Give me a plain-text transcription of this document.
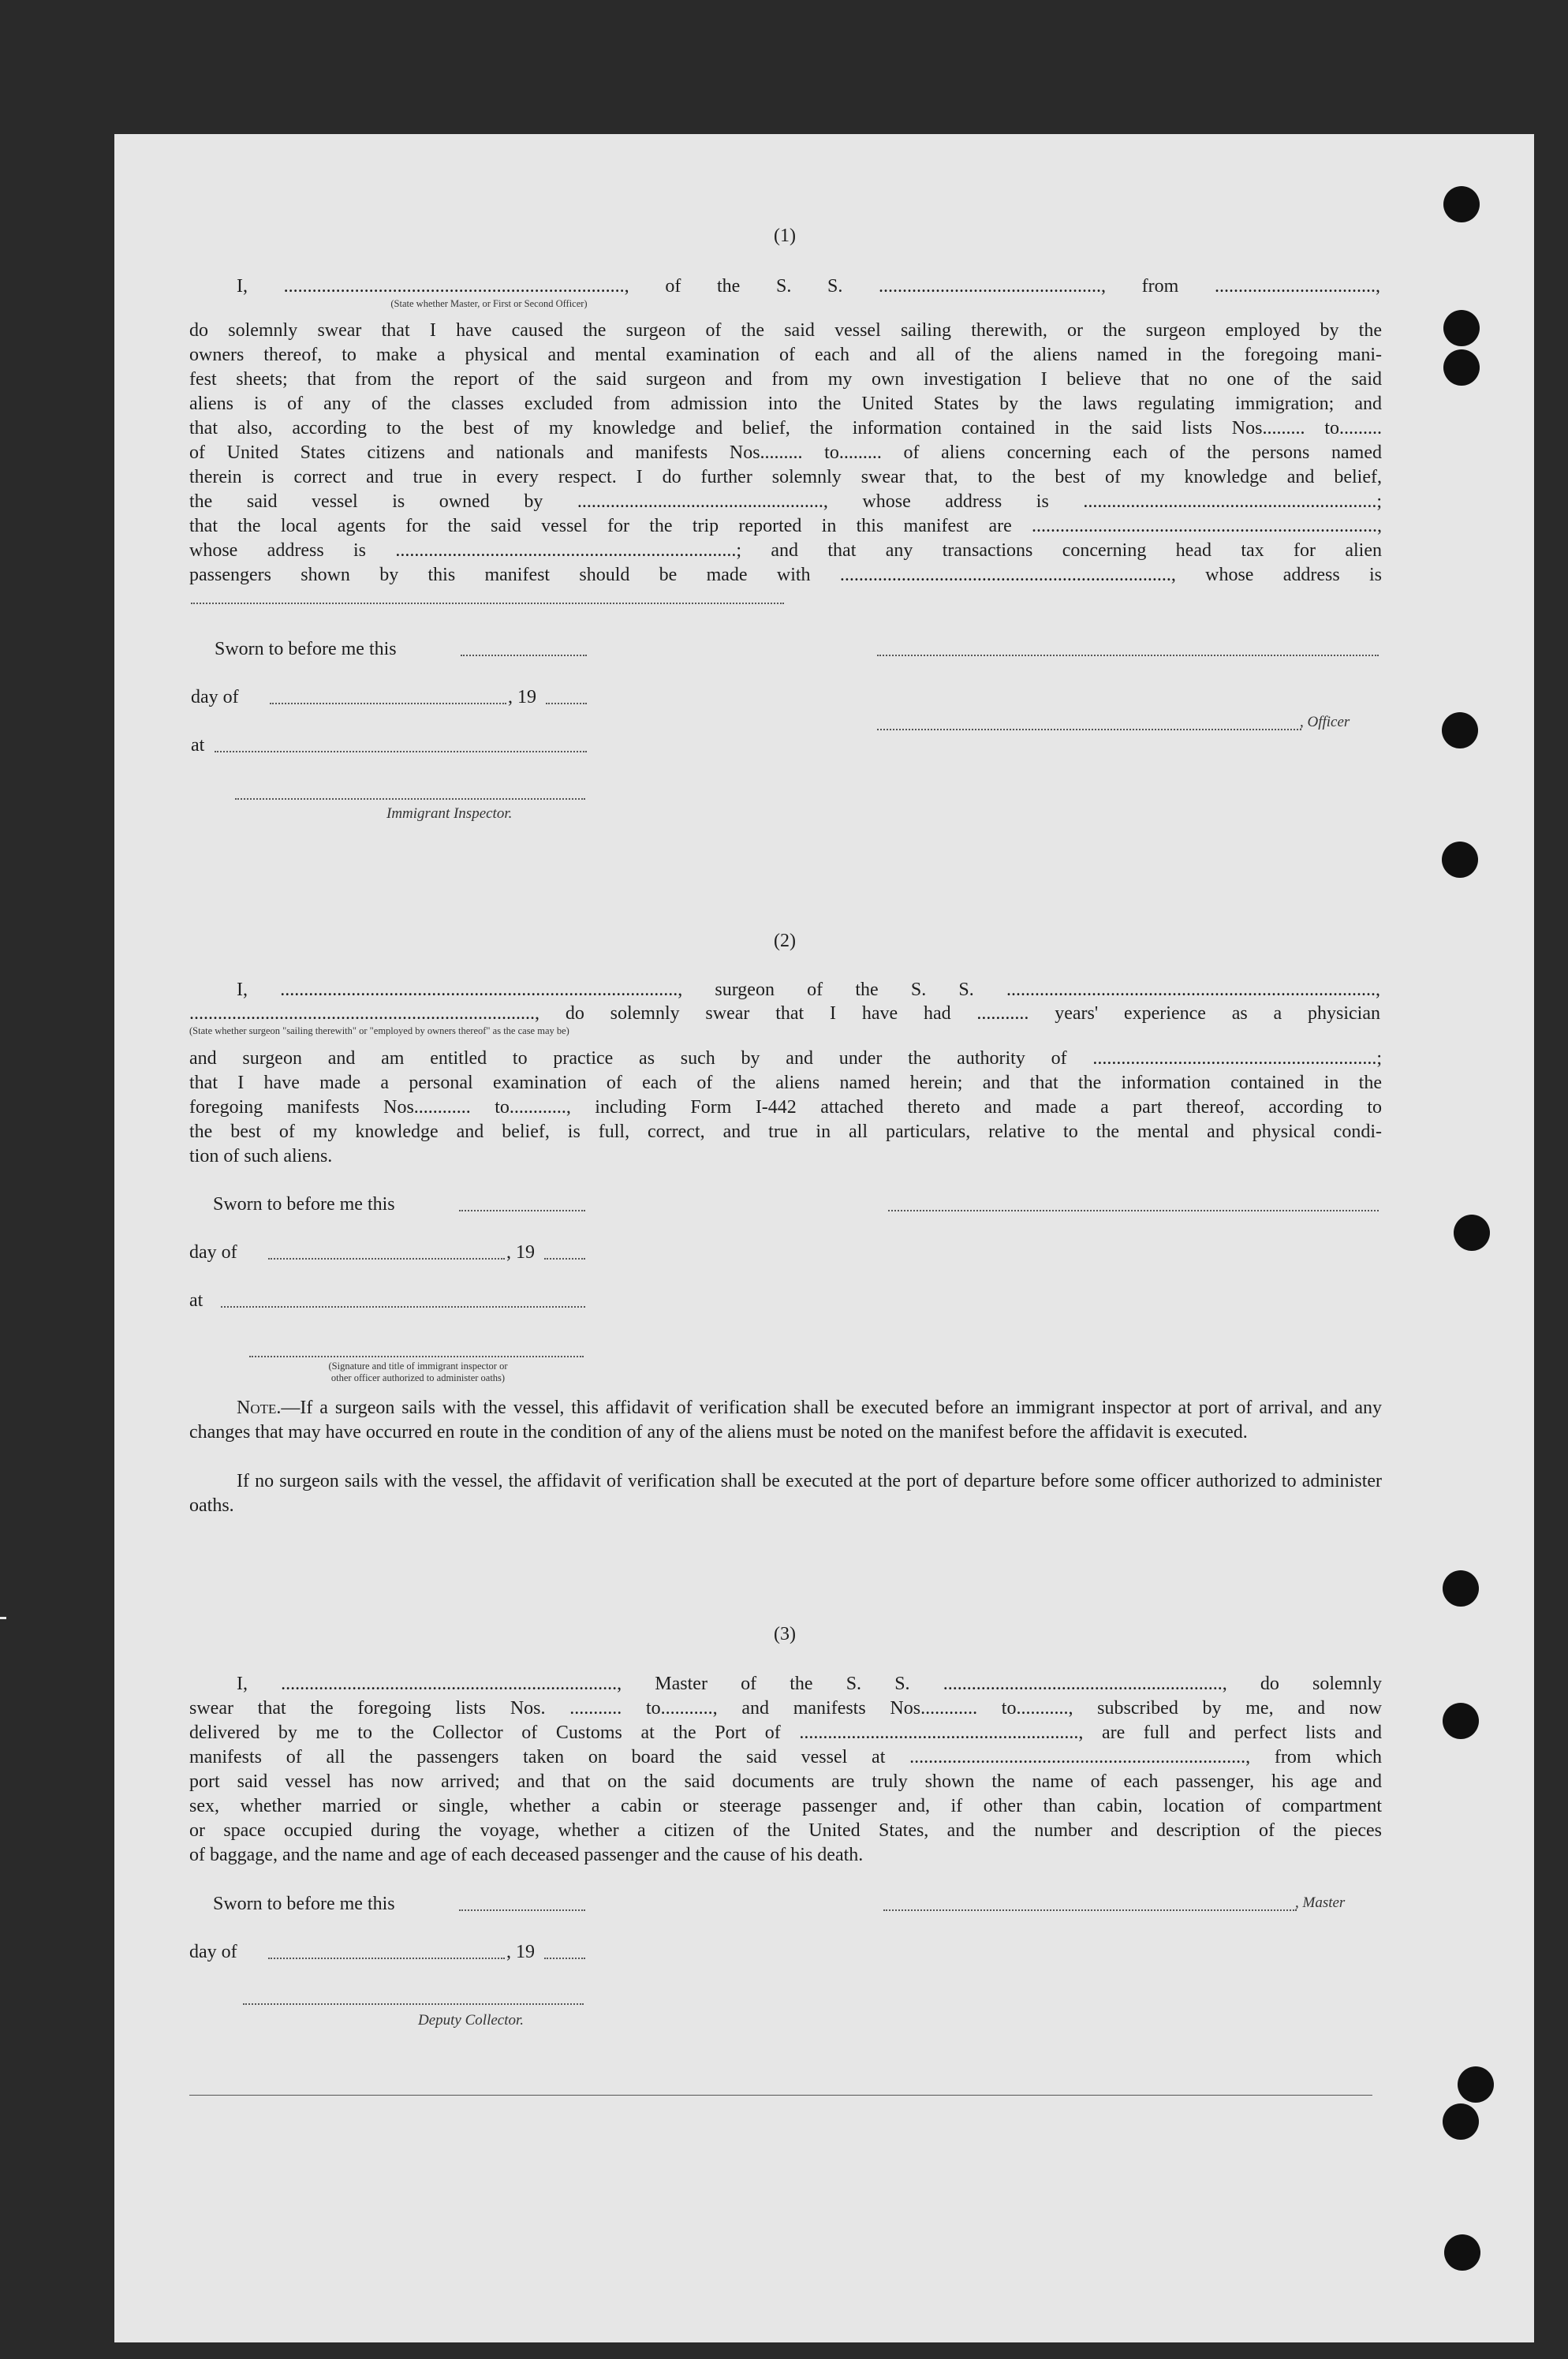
(1)
I, ........................................................................, of the S. S. ..............................................., from ..................................,
(State whether Master, or First or Second Officer)
do solemnly swear that I have caused the surgeon of the said vessel sailing therewith, or the surgeon employed by the
owners thereof, to make a physical and mental examination of each and all of the aliens named in the foregoing mani-
fest sheets; that from the report of the said surgeon and from my own investigation I believe that no one of the said
aliens is of any of the classes excluded from admission into the United States by the laws regulating immigration; and
that also, according to the best of my knowledge and belief, the information contained in the said lists Nos......... to.........
of United States citizens and nationals and manifests Nos......... to......... of aliens concerning each of the persons named
therein is correct and true in every respect. I do further solemnly swear that, to the best of my knowledge and belief,
the said vessel is owned by ...................................................., whose address is ..............................................................;
that the local agents for the said vessel for the trip reported in this manifest are .........................................................................,
whose address is ........................................................................; and that any transactions concerning head tax for alien
passengers shown by this manifest should be made with ......................................................................, whose address is
Sworn to before me this
day of	, 19
, Officer
at
Immigrant Inspector.
(2)
I, ...................................................................................., surgeon of the S. S. ..............................................................................,
........................................................................., do solemnly swear that I have had ........... years' experience as a physician
(State whether surgeon "sailing therewith" or "employed by owners thereof" as the case may be)
and surgeon and am entitled to practice as such by and under the authority of ............................................................;
that I have made a personal examination of each of the aliens named herein; and that the information contained in the
foregoing manifests Nos............ to............, including Form I-442 attached thereto and made a part thereof, according to
the best of my knowledge and belief, is full, correct, and true in all particulars, relative to the mental and physical condi-
tion of such aliens.
Sworn to before me this
day of	, 19
at
(Signature and title of immigrant inspector or
other officer authorized to administer oaths)
Note.—If a surgeon sails with the vessel, this affidavit of verification shall be executed before an immigrant inspector at port of arrival, and any changes that may have occurred en route in the condition of any of the aliens must be noted on the manifest before the affidavit is executed.
If no surgeon sails with the vessel, the affidavit of verification shall be executed at the port of departure before some officer authorized to administer oaths.
(3)
I, ......................................................................., Master of the S. S. ..........................................................., do solemnly
swear that the foregoing lists Nos. ........... to..........., and manifests Nos............ to..........., subscribed by me, and now
delivered by me to the Collector of Customs at the Port of ..........................................................., are full and perfect lists and
manifests of all the passengers taken on board the said vessel at ......................................................................., from which
port said vessel has now arrived; and that on the said documents are truly shown the name of each passenger, his age and
sex, whether married or single, whether a cabin or steerage passenger and, if other than cabin, location of compartment
or space occupied during the voyage, whether a citizen of the United States, and the number and description of the pieces
of baggage, and the name and age of each deceased passenger and the cause of his death.
Sworn to before me this	, Master
day of	, 19
Deputy Collector.
